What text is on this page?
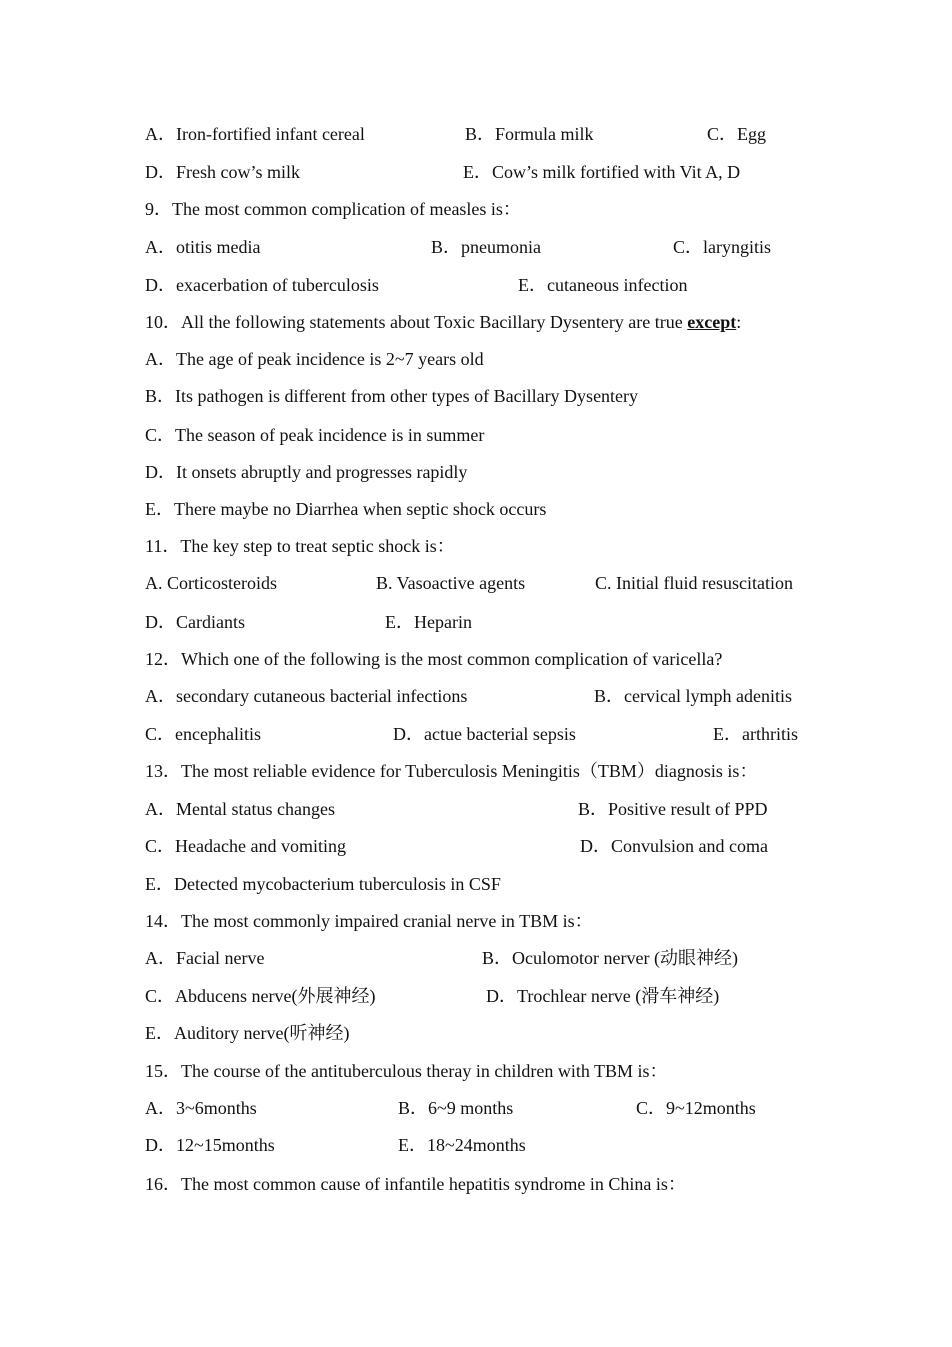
A．Iron-fortified infant cereal	B．Formula milk	C．Egg
D．Fresh cow’s milk	E．Cow’s milk fortified with Vit A, D
9．The most common complication of measles is：
A．otitis media	B．pneumonia	C．laryngitis
D．exacerbation of tuberculosis	E．cutaneous infection
10．All the following statements about Toxic Bacillary Dysentery are true except:
A．The age of peak incidence is 2~7 years old
B．Its pathogen is different from other types of Bacillary Dysentery
C．The season of peak incidence is in summer
D．It onsets abruptly and progresses rapidly
E．There maybe no Diarrhea when septic shock occurs
11．The key step to treat septic shock is：
A. Corticosteroids	B. Vasoactive agents	C. Initial fluid resuscitation
D．Cardiants	E．Heparin
12．Which one of the following is the most common complication of varicella?
A．secondary cutaneous bacterial infections	B．cervical lymph adenitis
C．encephalitis	D．actue bacterial sepsis	E．arthritis
13．The most reliable evidence for Tuberculosis Meningitis（TBM）diagnosis is：
A．Mental status changes	B．Positive result of PPD
C．Headache and vomiting	D．Convulsion and coma
E．Detected mycobacterium tuberculosis in CSF
14．The most commonly impaired cranial nerve in TBM is：
A．Facial nerve	B．Oculomotor nerver (动眼神经)
C．Abducens nerve(外展神经)	D．Trochlear nerve (滑车神经)
E．Auditory nerve(听神经)
15．The course of the antituberculous theray in children with TBM is：
A．3~6months	B．6~9 months	C．9~12months
D．12~15months	E．18~24months
16．The most common cause of infantile hepatitis syndrome in China is：
